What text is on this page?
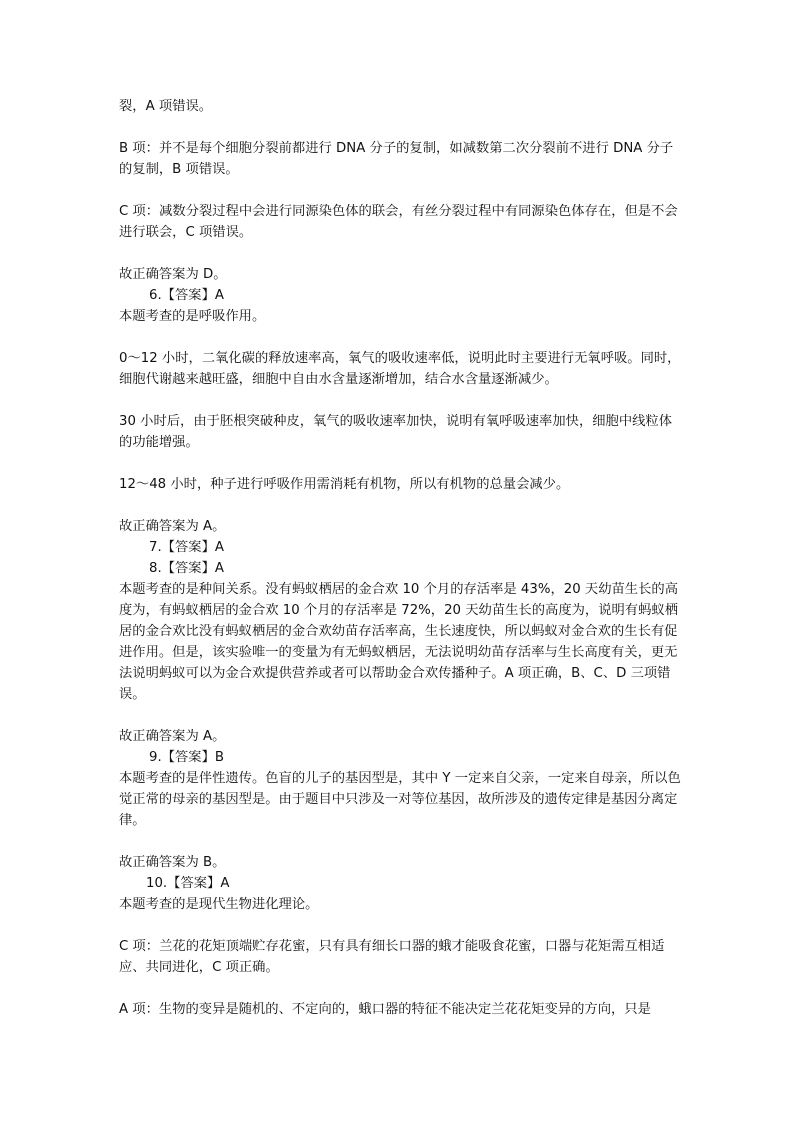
裂，A 项错误。
B 项：并不是每个细胞分裂前都进行 DNA 分子的复制，如减数第二次分裂前不进行 DNA 分子的复制，B 项错误。
C 项：减数分裂过程中会进行同源染色体的联会，有丝分裂过程中有同源染色体存在，但是不会进行联会，C 项错误。
故正确答案为 D。
6.【答案】A
本题考查的是呼吸作用。
0～12 小时，二氧化碳的释放速率高，氧气的吸收速率低，说明此时主要进行无氧呼吸。同时，细胞代谢越来越旺盛，细胞中自由水含量逐渐增加，结合水含量逐渐减少。
30 小时后，由于胚根突破种皮，氧气的吸收速率加快，说明有氧呼吸速率加快，细胞中线粒体的功能增强。
12～48 小时，种子进行呼吸作用需消耗有机物，所以有机物的总量会减少。
故正确答案为 A。
7.【答案】A
8.【答案】A
本题考查的是种间关系。没有蚂蚁栖居的金合欢 10 个月的存活率是 43%，20 天幼苗生长的高度为，有蚂蚁栖居的金合欢 10 个月的存活率是 72%，20 天幼苗生长的高度为，说明有蚂蚁栖居的金合欢比没有蚂蚁栖居的金合欢幼苗存活率高，生长速度快，所以蚂蚁对金合欢的生长有促进作用。但是，该实验唯一的变量为有无蚂蚁栖居，无法说明幼苗存活率与生长高度有关，更无法说明蚂蚁可以为金合欢提供营养或者可以帮助金合欢传播种子。A 项正确，B、C、D 三项错误。
故正确答案为 A。
9.【答案】B
本题考查的是伴性遗传。色盲的儿子的基因型是，其中 Y 一定来自父亲，一定来自母亲，所以色觉正常的母亲的基因型是。由于题目中只涉及一对等位基因，故所涉及的遗传定律是基因分离定律。
故正确答案为 B。
10.【答案】A
本题考查的是现代生物进化理论。
C 项：兰花的花矩顶端贮存花蜜，只有具有细长口器的蛾才能吸食花蜜，口器与花矩需互相适应、共同进化，C 项正确。
A 项：生物的变异是随机的、不定向的，蛾口器的特征不能决定兰花花矩变异的方向，只是
